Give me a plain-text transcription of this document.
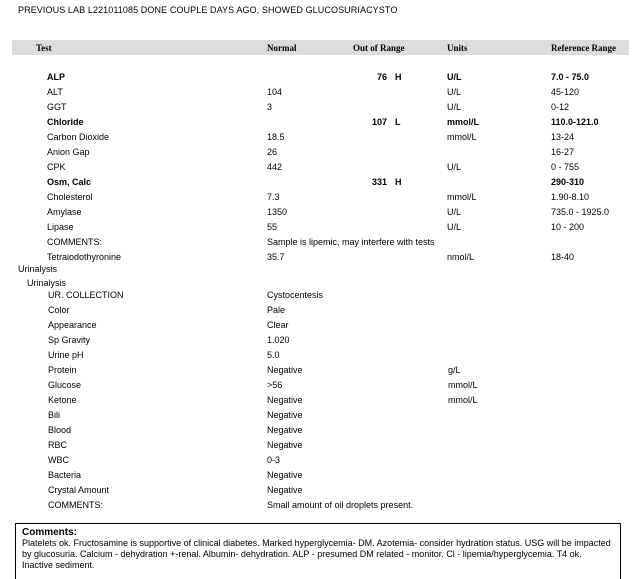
PREVIOUS LAB L221011085 DONE COUPLE DAYS AGO, SHOWED GLUCOSURIACYSTO
Test	Normal	Out of Range	Units	Reference Range

ALP		76 H	U/L	7.0 - 75.0
ALT	104		U/L	45-120
GGT	3		U/L	0-12
Chloride		107 L	mmol/L	110.0-121.0
Carbon Dioxide	18.5		mmol/L	13-24
Anion Gap	26			16-27
CPK	442		U/L	0 - 755
Osm, Calc		331 H		290-310
Cholesterol	7.3		mmol/L	1.90-8.10
Amylase	1350		U/L	735.0 - 1925.0
Lipase	55		U/L	10 - 200
COMMENTS:	Sample is lipemic, may interfere with tests			
Tetraiodothyronine	35.7		nmol/L	18-40
Urinalysis
Urinalysis
UR. COLLECTION	Cystocentesis		
Color	Pale		
Appearance	Clear		
Sp Gravity	1.020		
Urine pH	5.0		
Protein	Negative	g/L	
Glucose	>56	mmol/L	
Ketone	Negative	mmol/L	
Bili	Negative		
Blood	Negative		
RBC	Negative		
WBC	0-3		
Bacteria	Negative		
Crystal Amount	Negative		
COMMENTS:	Small amount of oil droplets present.		
Comments:
Platelets ok. Fructosamine is supportive of clinical diabetes. Marked hyperglycemia- DM. Azotemia- consider hydration status. USG will be impacted by glucosuria. Calcium - dehydration +-renal. Albumin- dehydration. ALP - presumed DM related - monitor. Cl - lipemia/hyperglycemia. T4 ok. Inactive sediment.
